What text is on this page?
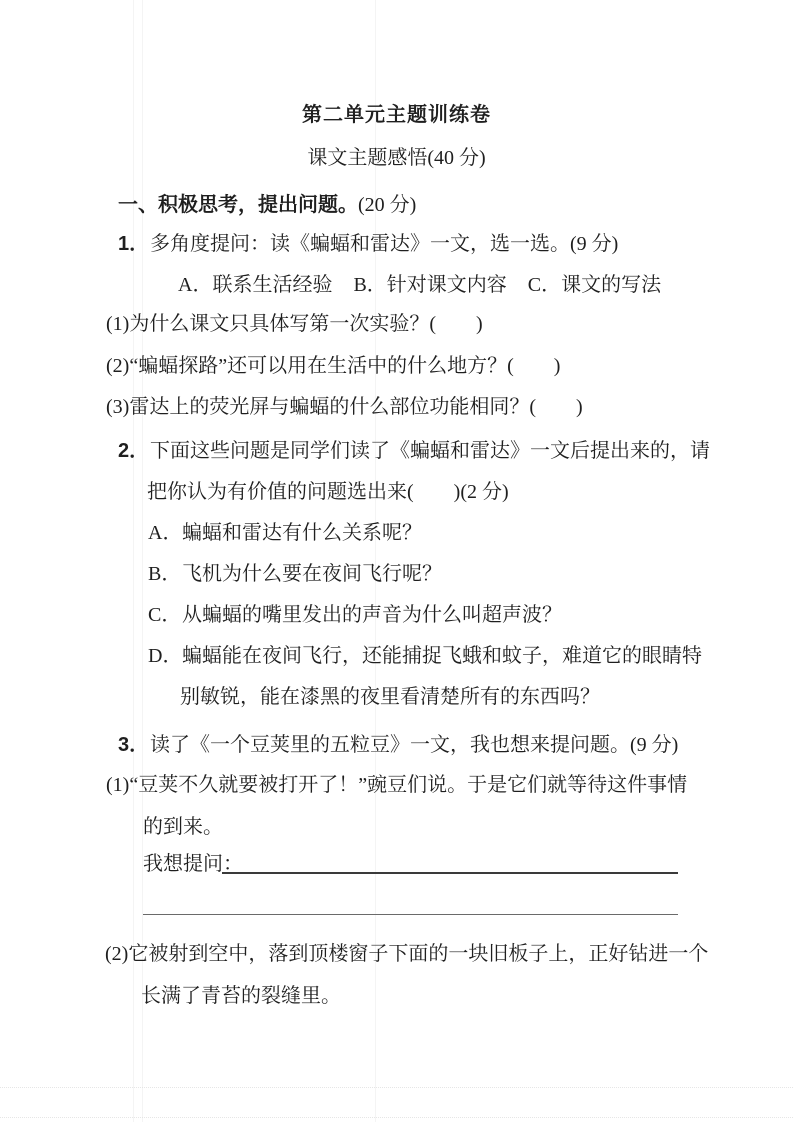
第二单元主题训练卷
课文主题感悟(40 分)
一、积极思考，提出问题。(20 分)
1．多角度提问：读《蝙蝠和雷达》一文，选一选。(9 分)
A．联系生活经验 B．针对课文内容 C．课文的写法
(1)为什么课文只具体写第一次实验？(　　)
(2)“蝙蝠探路”还可以用在生活中的什么地方？(　　)
(3)雷达上的荧光屏与蝙蝠的什么部位功能相同？(　　)
2．下面这些问题是同学们读了《蝙蝠和雷达》一文后提出来的，请
把你认为有价值的问题选出来(　　)(2 分)
A．蝙蝠和雷达有什么关系呢？
B．飞机为什么要在夜间飞行呢？
C．从蝙蝠的嘴里发出的声音为什么叫超声波？
D．蝙蝠能在夜间飞行，还能捕捉飞蛾和蚊子，难道它的眼睛特
别敏锐，能在漆黑的夜里看清楚所有的东西吗？
3．读了《一个豆荚里的五粒豆》一文，我也想来提问题。(9 分)
(1)“豆荚不久就要被打开了！”豌豆们说。于是它们就等待这件事情
的到来。
我想提问：
(2)它被射到空中，落到顶楼窗子下面的一块旧板子上，正好钻进一个
长满了青苔的裂缝里。
